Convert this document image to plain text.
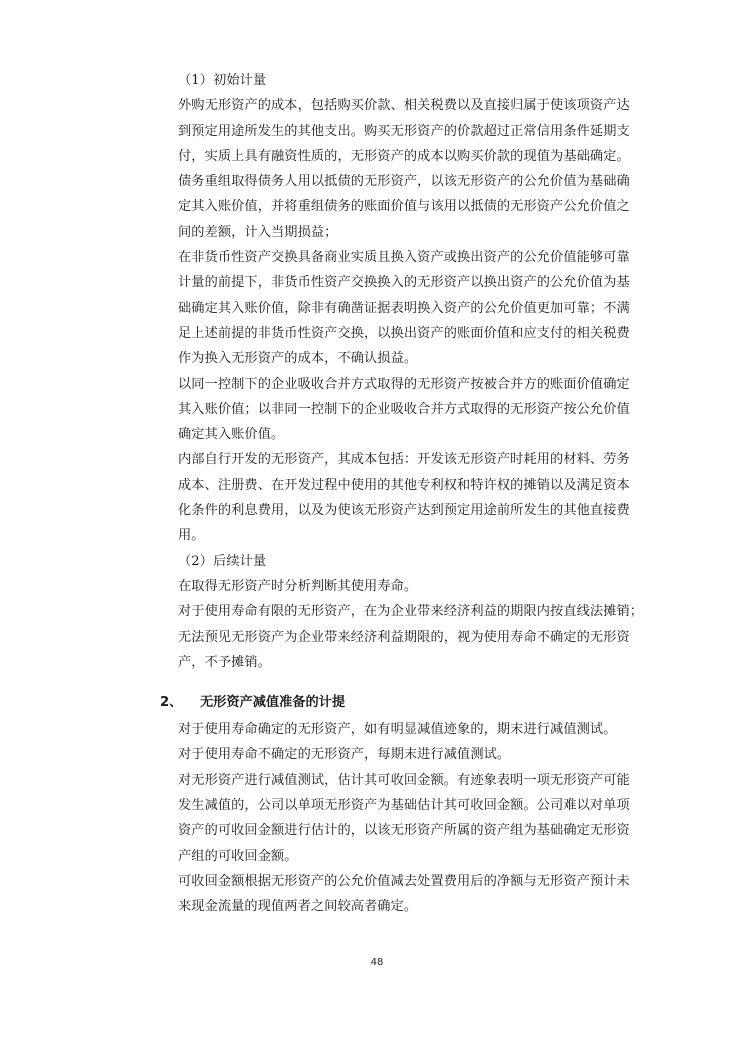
（1）初始计量
外购无形资产的成本，包括购买价款、相关税费以及直接归属于使该项资产达
到预定用途所发生的其他支出。购买无形资产的价款超过正常信用条件延期支
付，实质上具有融资性质的，无形资产的成本以购买价款的现值为基础确定。
债务重组取得债务人用以抵债的无形资产，以该无形资产的公允价值为基础确
定其入账价值，并将重组债务的账面价值与该用以抵债的无形资产公允价值之
间的差额，计入当期损益；
在非货币性资产交换具备商业实质且换入资产或换出资产的公允价值能够可靠
计量的前提下，非货币性资产交换换入的无形资产以换出资产的公允价值为基
础确定其入账价值，除非有确凿证据表明换入资产的公允价值更加可靠；不满
足上述前提的非货币性资产交换，以换出资产的账面价值和应支付的相关税费
作为换入无形资产的成本，不确认损益。
以同一控制下的企业吸收合并方式取得的无形资产按被合并方的账面价值确定
其入账价值；以非同一控制下的企业吸收合并方式取得的无形资产按公允价值
确定其入账价值。
内部自行开发的无形资产，其成本包括：开发该无形资产时耗用的材料、劳务
成本、注册费、在开发过程中使用的其他专利权和特许权的摊销以及满足资本
化条件的利息费用，以及为使该无形资产达到预定用途前所发生的其他直接费
用。
（2）后续计量
在取得无形资产时分析判断其使用寿命。
对于使用寿命有限的无形资产，在为企业带来经济利益的期限内按直线法摊销；
无法预见无形资产为企业带来经济利益期限的，视为使用寿命不确定的无形资
产，不予摊销。
2、 无形资产减值准备的计提
对于使用寿命确定的无形资产，如有明显减值迹象的，期末进行减值测试。
对于使用寿命不确定的无形资产，每期末进行减值测试。
对无形资产进行减值测试，估计其可收回金额。有迹象表明一项无形资产可能
发生减值的，公司以单项无形资产为基础估计其可收回金额。公司难以对单项
资产的可收回金额进行估计的，以该无形资产所属的资产组为基础确定无形资
产组的可收回金额。
可收回金额根据无形资产的公允价值减去处置费用后的净额与无形资产预计未
来现金流量的现值两者之间较高者确定。
48
